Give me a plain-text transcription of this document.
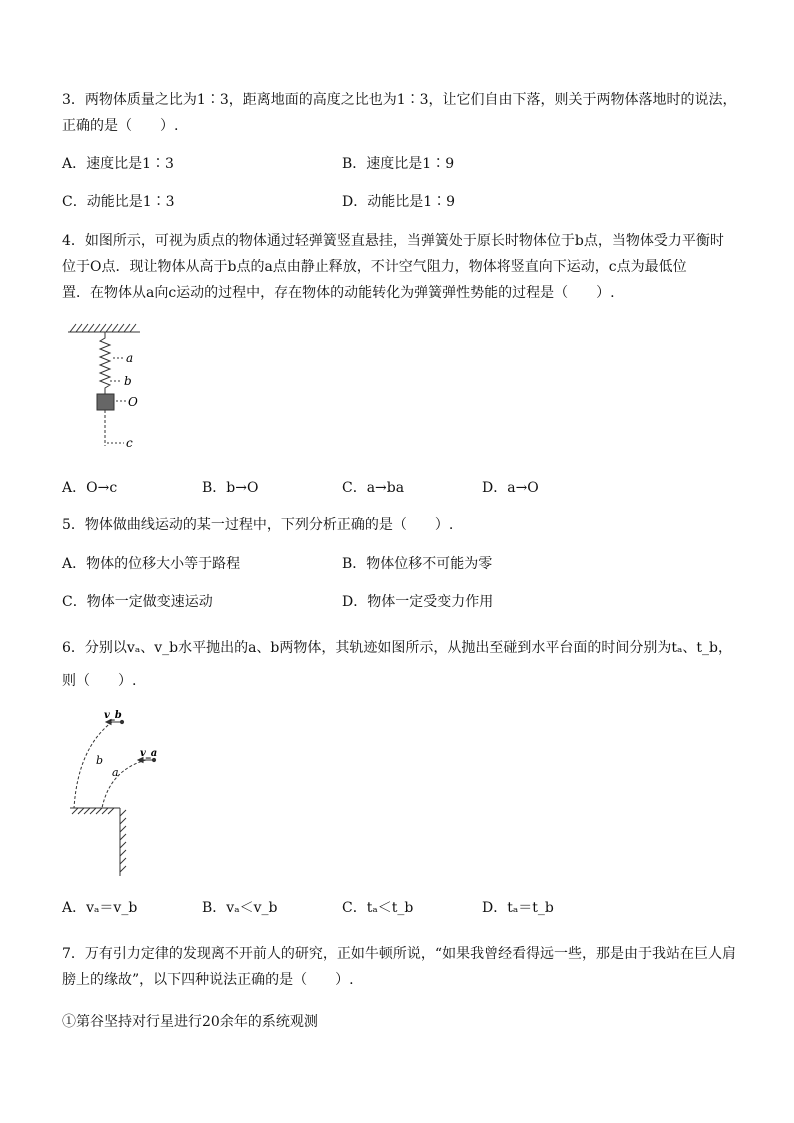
3．两物体质量之比为1∶3，距离地面的高度之比也为1∶3，让它们自由下落，则关于两物体落地时的说法，
正确的是（　　）.
A．速度比是1∶3	B．速度比是1∶9
C．动能比是1∶3	D．动能比是1∶9
4．如图所示，可视为质点的物体通过轻弹簧竖直悬挂，当弹簧处于原长时物体位于b点，当物体受力平衡时
位于O点．现让物体从高于b点的a点由静止释放，不计空气阻力，物体将竖直向下运动，c点为最低位
置．在物体从a向c运动的过程中，存在物体的动能转化为弹簧弹性势能的过程是（　　）.
a
b
O
c
A．O→c	B．b→O	C．a→ba	D．a→O
5．物体做曲线运动的某一过程中，下列分析正确的是（　　）.
A．物体的位移大小等于路程	B．物体位移不可能为零
C．物体一定做变速运动	D．物体一定受变力作用
6．分别以vₐ、v_b水平抛出的a、b两物体，其轨迹如图所示，从抛出至碰到水平台面的时间分别为tₐ、t_b，
则（　　）.
v_b
v_a
b
a
A．vₐ＝v_b	B．vₐ＜v_b	C．tₐ＜t_b	D．tₐ＝t_b
7．万有引力定律的发现离不开前人的研究，正如牛顿所说，“如果我曾经看得远一些，那是由于我站在巨人肩
膀上的缘故”，以下四种说法正确的是（　　）.
①第谷坚持对行星进行20余年的系统观测
